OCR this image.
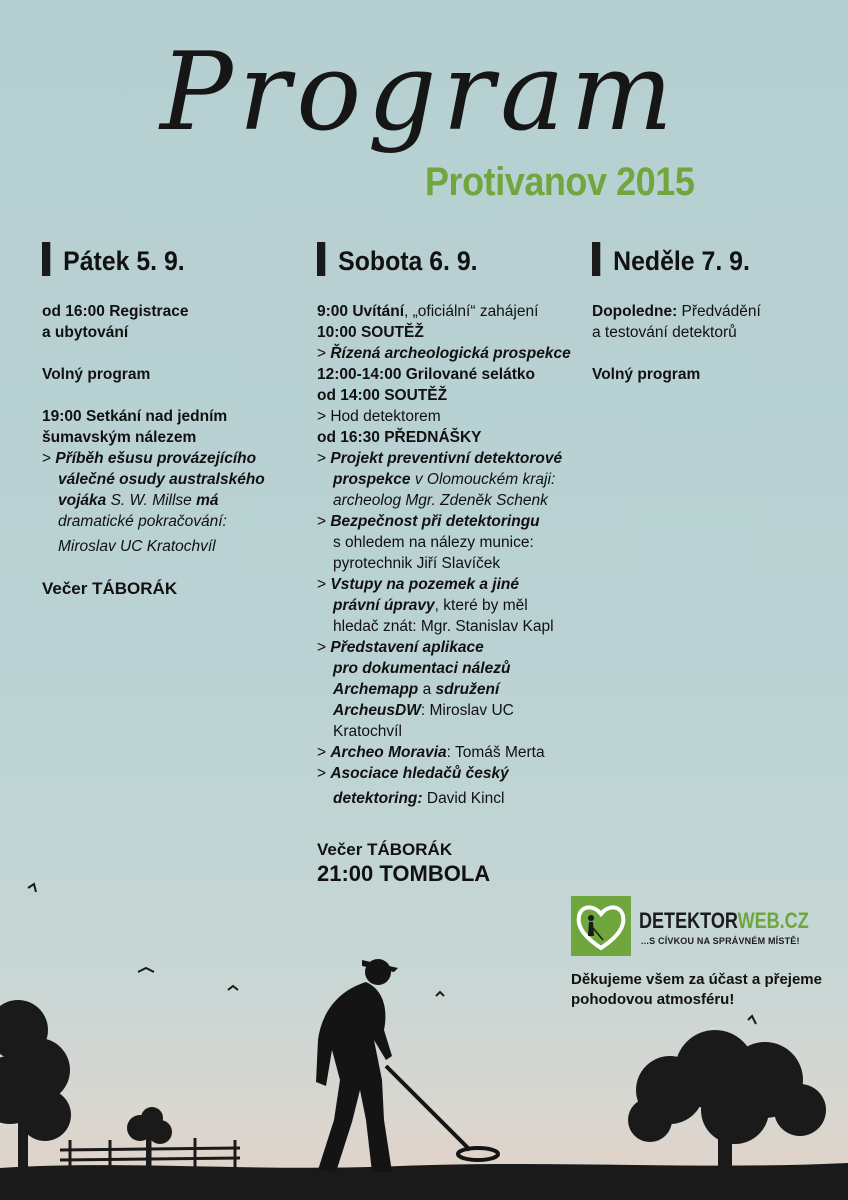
Program
Protivanov 2015
Pátek 5. 9.	Sobota 6. 9.	Neděle 7. 9.
od 16:00 Registrace
a ubytování
Volný program
19:00 Setkání nad jedním
šumavským nálezem
> Příběh ešusu provázejícího
válečné osudy australského
vojáka S. W. Millse má
dramatické pokračování:
Miroslav UC Kratochvíl
Večer TÁBORÁK
9:00 Uvítání, „oficiální“ zahájení
10:00 SOUTĚŽ
> Řízená archeologická prospekce
12:00-14:00 Grilované selátko
od 14:00 SOUTĚŽ
> Hod detektorem
od 16:30 PŘEDNÁŠKY
> Projekt preventivní detektorové
prospekce v Olomouckém kraji:
archeolog Mgr. Zdeněk Schenk
> Bezpečnost při detektoringu
s ohledem na nálezy munice:
pyrotechnik Jiří Slavíček
> Vstupy na pozemek a jiné
právní úpravy, které by měl
hledač znát: Mgr. Stanislav Kapl
> Představení aplikace
pro dokumentaci nálezů
Archemapp a sdružení
ArcheusDW: Miroslav UC
Kratochvíl
> Archeo Moravia: Tomáš Merta
> Asociace hledačů český
detektoring: David Kincl
Večer TÁBORÁK
21:00 TOMBOLA
Dopoledne: Předvádění
a testování detektorů
Volný program
DETEKTORWEB.CZ
...S CÍVKOU NA SPRÁVNÉM MÍSTĚ!
Děkujeme všem za účast a přejeme
pohodovou atmosféru!
